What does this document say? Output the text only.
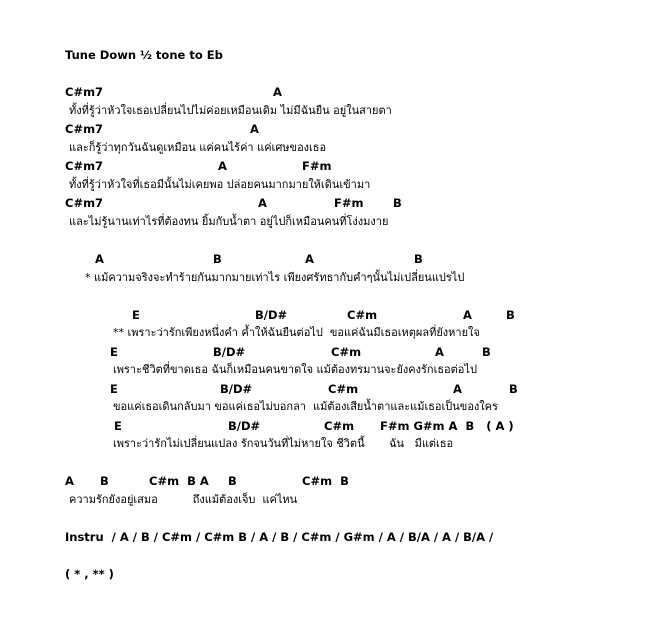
Tune Down ½ tone to Eb
C#m7	A
ทั้งที่รู้ว่าหัวใจเธอเปลี่ยนไปไม่ค่อยเหมือนเดิม ไม่มีฉันยืน อยู่ในสายตา
C#m7	A
และก็รู้ว่าทุกวันฉันดูเหมือน แค่คนไร้ค่า แค่เศษของเธอ
C#m7	A	F#m
ทั้งที่รู้ว่าหัวใจที่เธอมีนั้นไม่เคยพอ ปล่อยคนมากมายให้เดินเข้ามา
C#m7	A	F#m	B
และไม่รู้นานเท่าไรที่ต้องทน ยิ้มกับน้ำตา อยู่ไปก็เหมือนคนที่โง่งมงาย
A	B	A	B
* แม้ความจริงจะทำร้ายกันมากมายเท่าไร เพียงศรัทธากับคำๆนั้นไม่เปลี่ยนแปรไป
E	B/D#	C#m	A	B
** เพราะว่ารักเพียงหนึ่งคำ ค้ำให้ฉันยืนต่อไป  ขอแค่ฉันมีเธอเหตุผลที่ยังหายใจ
E	B/D#	C#m	A	B
เพราะชีวิตที่ขาดเธอ ฉันก็เหมือนคนขาดใจ แม้ต้องทรมานจะยังคงรักเธอต่อไป
E	B/D#	C#m	A	B
ขอแค่เธอเดินกลับมา ขอแค่เธอไม่บอกลา  แม้ต้องเสียน้ำตาและแม้เธอเป็นของใคร
E	B/D#	C#m F#m G#m A  B   ( A )
เพราะว่ารักไม่เปลี่ยนแปลง รักจนวันที่ไม่หายใจ ชีวิตนี้       ฉัน   มีแต่เธอ
A B	C#m  B A B	C#m  B
ความรักยังอยู่เสมอ          ถึงแม้ต้องเจ็บ  แค่ไหน
Instru  / A / B / C#m / C#m B / A / B / C#m / G#m / A / B/A / A / B/A /
( * , ** )
